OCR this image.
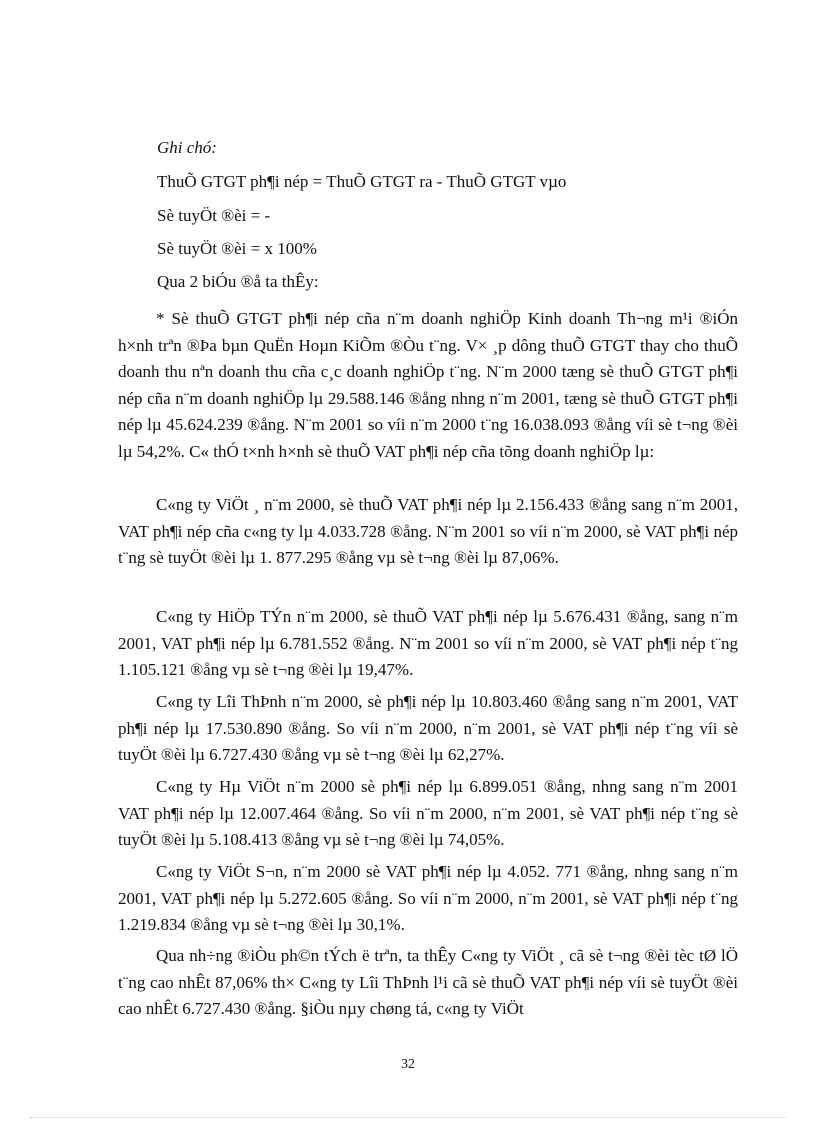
Ghi chó:
ThuÕ GTGT ph¶i nép = ThuÕ GTGT ra - ThuÕ GTGT vµo
Sè tuyÖt ®èi = -
Sè tuyÖt ®èi = x 100%
Qua 2 biÓu ®å ta thÊy:
* Sè thuÕ GTGT ph¶i nép cña n¨m doanh nghiÖp Kinh doanh Th¬ng m¹i ®iÓn h×nh trªn ®Þa bµn QuËn Hoµn KiÕm ®Òu t¨ng. V× ¸p dông thuÕ GTGT thay cho thuÕ doanh thu nªn doanh thu cña c¸c doanh nghiÖp t¨ng. N¨m 2000 tæng sè thuÕ GTGT ph¶i nép cña n¨m doanh nghiÖp lµ 29.588.146 ®ång nhng n¨m 2001, tæng sè thuÕ GTGT ph¶i nép lµ 45.624.239 ®ång. N¨m 2001 so víi n¨m 2000 t¨ng 16.038.093 ®ång víi sè t¬ng ®èi lµ 54,2%. C« thÓ t×nh h×nh sè thuÕ VAT ph¶i nép cña tõng doanh nghiÖp lµ:
C«ng ty ViÖt ¸ n¨m 2000, sè thuÕ VAT ph¶i nép lµ 2.156.433 ®ång sang n¨m 2001, VAT ph¶i nép cña c«ng ty lµ 4.033.728 ®ång. N¨m 2001 so víi n¨m 2000, sè VAT ph¶i nép t¨ng sè tuyÖt ®èi lµ 1. 877.295 ®ång vµ sè t¬ng ®èi lµ 87,06%.
C«ng ty HiÖp TÝn n¨m 2000, sè thuÕ VAT ph¶i nép lµ 5.676.431 ®ång, sang n¨m 2001, VAT ph¶i nép lµ 6.781.552 ®ång. N¨m 2001 so víi n¨m 2000, sè VAT ph¶i nép t¨ng 1.105.121 ®ång vµ sè t¬ng ®èi lµ 19,47%.
C«ng ty Lîi ThÞnh n¨m 2000, sè ph¶i nép lµ 10.803.460 ®ång sang n¨m 2001, VAT ph¶i nép lµ 17.530.890 ®ång. So víi n¨m 2000, n¨m 2001, sè VAT ph¶i nép t¨ng víi sè tuyÖt ®èi lµ 6.727.430 ®ång vµ sè t¬ng ®èi lµ 62,27%.
C«ng ty Hµ ViÖt n¨m 2000 sè ph¶i nép lµ 6.899.051 ®ång, nhng sang n¨m 2001 VAT ph¶i nép lµ 12.007.464 ®ång. So víi n¨m 2000, n¨m 2001, sè VAT ph¶i nép t¨ng sè tuyÖt ®èi lµ 5.108.413 ®ång vµ sè t¬ng ®èi lµ 74,05%.
C«ng ty ViÖt S¬n, n¨m 2000 sè VAT ph¶i nép lµ 4.052. 771 ®ång, nhng sang n¨m 2001, VAT ph¶i nép lµ 5.272.605 ®ång. So víi n¨m 2000, n¨m 2001, sè VAT ph¶i nép t¨ng 1.219.834 ®ång vµ sè t¬ng ®èi lµ 30,1%.
Qua nh÷ng ®iÒu ph©n tÝch ë trªn, ta thÊy C«ng ty ViÖt ¸ cã sè t¬ng ®èi tèc tØ lÖ t¨ng cao nhÊt 87,06% th× C«ng ty Lîi ThÞnh l¹i cã sè thuÕ VAT ph¶i nép víi sè tuyÖt ®èi cao nhÊt 6.727.430 ®ång. §iÒu nµy chøng tá, c«ng ty ViÖt
32
